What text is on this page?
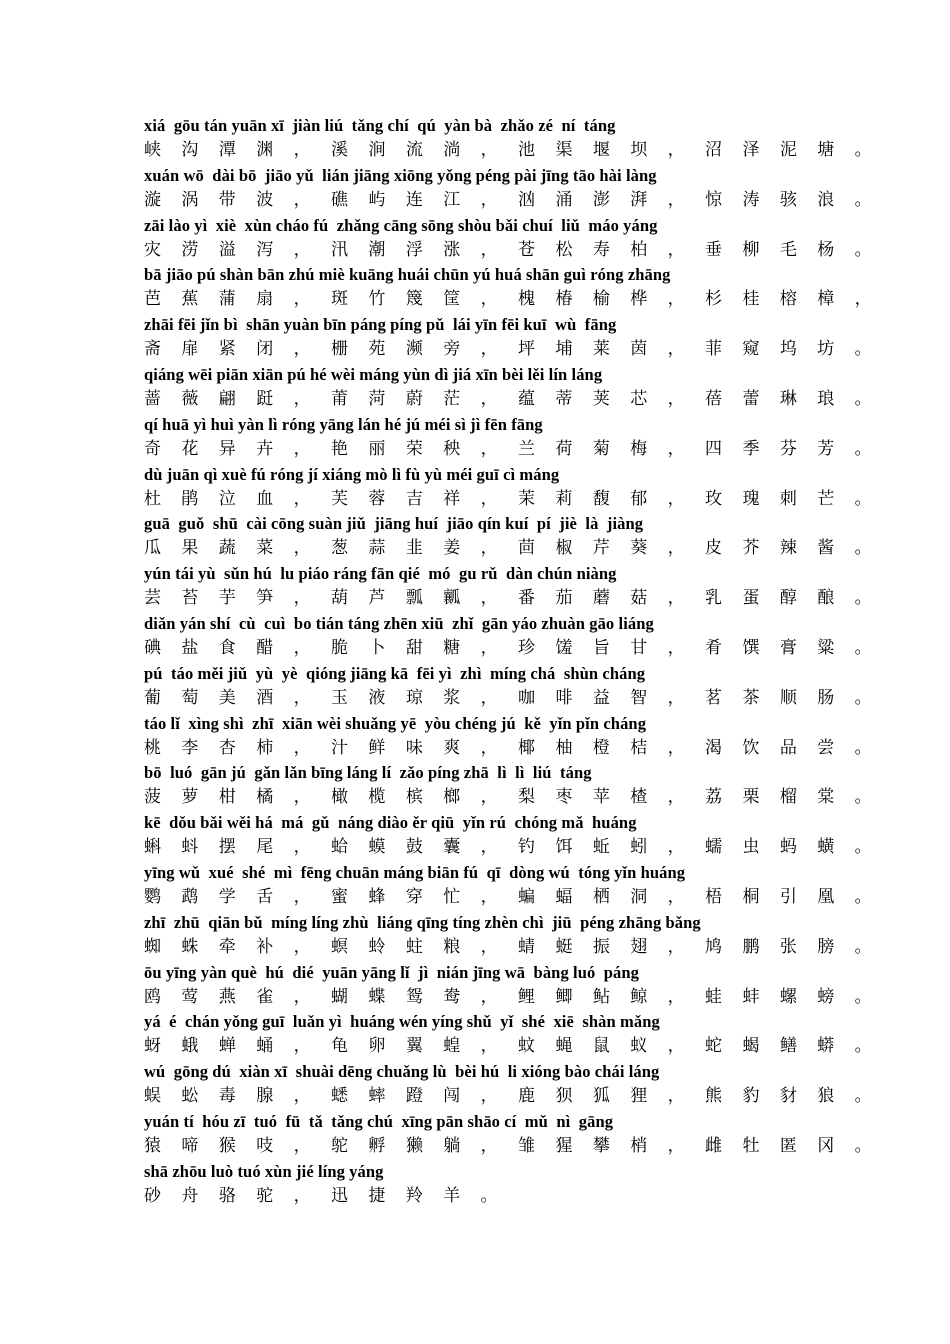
xiá  gōu tán yuān xī  jiàn liú  tǎng chí  qú  yàn bà  zhǎo zé  ní  táng
峡 沟 潭 渊 ， 溪 涧 流 淌 ， 池 渠 堰 坝 ， 沼 泽 泥 塘 。
xuán wō  dài bō  jiāo yǔ  lián jiāng xiōng yǒng péng pài jīng tāo hài làng
漩 涡 带 波 ， 礁 屿 连 江 ， 汹 涌 澎 湃 ， 惊 涛 骇 浪 。
zāi lào yì  xiè  xùn cháo fú  zhǎng cāng sōng shòu bǎi chuí  liǔ  máo yáng
灾 涝 溢 泻 ， 汛 潮 浮 涨 ， 苍 松 寿 柏 ， 垂 柳 毛 杨 。
bā jiāo pú shàn bān zhú miè kuāng huái chūn yú huá shān guì róng zhāng
芭 蕉 蒲 扇 ， 斑 竹 篾 筐 ， 槐 椿 榆 桦 ， 杉 桂 榕 樟 ，
zhāi fēi jǐn bì  shān yuàn bīn páng píng pǔ  lái yīn fēi kuī  wù  fāng
斋 扉 紧 闭 ， 栅 苑 濒 旁 ， 坪 埔 莱 茵 ， 菲 窥 坞 坊 。
qiáng wēi piān xiān pú hé wèi máng yùn dì jiá xīn bèi lěi lín láng
蔷 薇 翩 跹 ， 莆 菏 蔚 茫 ， 蕴 蒂 荚 芯 ， 蓓 蕾 琳 琅 。
qí huā yì huì yàn lì róng yāng lán hé jú méi sì jì fēn fāng
奇 花 异 卉 ， 艳 丽 荣 秧 ， 兰 荷 菊 梅 ， 四 季 芬 芳 。
dù juān qì xuè fú róng jí xiáng mò lì fù yù méi guī cì máng
杜 鹃 泣 血 ， 芙 蓉 吉 祥 ， 茉 莉 馥 郁 ， 玫 瑰 刺 芒 。
guā  guǒ  shū  cài cōng suàn jiǔ  jiāng huí  jiāo qín kuí  pí  jiè  là  jiàng
瓜 果 蔬 菜 ， 葱 蒜 韭 姜 ， 茴 椒 芹 葵 ， 皮 芥 辣 酱 。
yún tái yù  sǔn hú  lu piáo ráng fān qié  mó  gu rǔ  dàn chún niàng
芸 苔 芋 笋 ， 葫 芦 瓢 瓤 ， 番 茄 蘑 菇 ， 乳 蛋 醇 酿 。
diǎn yán shí  cù  cuì  bo tián táng zhēn xiū  zhǐ  gān yáo zhuàn gāo liáng
碘 盐 食 醋 ， 脆 卜 甜 糖 ， 珍 馐 旨 甘 ， 肴 馔 膏 粱 。
pú  táo měi jiǔ  yù  yè  qióng jiāng kā  fēi yì  zhì  míng chá  shùn cháng
葡 萄 美 酒 ， 玉 液 琼 浆 ， 咖 啡 益 智 ， 茗 茶 顺 肠 。
táo lǐ  xìng shì  zhī  xiān wèi shuǎng yē  yòu chéng jú  kě  yǐn pǐn cháng
桃 李 杏 柿 ， 汁 鲜 味 爽 ， 椰 柚 橙 桔 ， 渴 饮 品 尝 。
bō  luó  gān jú  gǎn lǎn bīng láng lí  zǎo píng zhā  lì  lì  liú  táng
菠 萝 柑 橘 ， 橄 榄 槟 榔 ， 梨 枣 苹 楂 ， 荔 栗 榴 棠 。
kē  dǒu bǎi wěi há  má  gǔ  náng diào ěr qiū  yǐn rú  chóng mǎ  huáng
蝌 蚪 摆 尾 ， 蛤 蟆 鼓 囊 ， 钓 饵 蚯 蚓 ， 蠕 虫 蚂 蟥 。
yīng wǔ  xué  shé  mì  fēng chuān máng biān fú  qī  dòng wú  tóng yǐn huáng
鹦 鹉 学 舌 ， 蜜 蜂 穿 忙 ， 蝙 蝠 栖 洞 ， 梧 桐 引 凰 。
zhī  zhū  qiān bǔ  míng líng zhù  liáng qīng tíng zhèn chì  jiū  péng zhāng bǎng
蜘 蛛 牵 补 ， 螟 蛉 蛀 粮 ， 蜻 蜓 振 翅 ， 鸠 鹏 张 膀 。
ōu yīng yàn què  hú  dié  yuān yāng lǐ  jì  nián jīng wā  bàng luó  páng
鸥 莺 燕 雀 ， 蝴 蝶 鸳 鸯 ， 鲤 鲫 鲇 鲸 ， 蛙 蚌 螺 螃 。
yá  é  chán yǒng guī  luǎn yì  huáng wén yíng shǔ  yǐ  shé  xiē  shàn mǎng
蚜 蛾 蝉 蛹 ， 龟 卵 翼 蝗 ， 蚊 蝇 鼠 蚁 ， 蛇 蝎 鳝 蟒 。
wú  gōng dú  xiàn xī  shuài dēng chuǎng lù  bèi hú  li xióng bào chái láng
蜈 蚣 毒 腺 ， 蟋 蟀 蹬 闯 ， 鹿 狈 狐 狸 ， 熊 豹 豺 狼 。
yuán tí  hóu zī  tuó  fū  tǎ  tǎng chú  xīng pān shāo cí  mǔ  nì  gāng
猿 啼 猴 吱 ， 鸵 孵 獭 躺 ， 雏 猩 攀 梢 ， 雌 牡 匿 冈 。
shā zhōu luò tuó xùn jié líng yáng
砂 舟 骆 驼 ， 迅 捷 羚 羊 。
